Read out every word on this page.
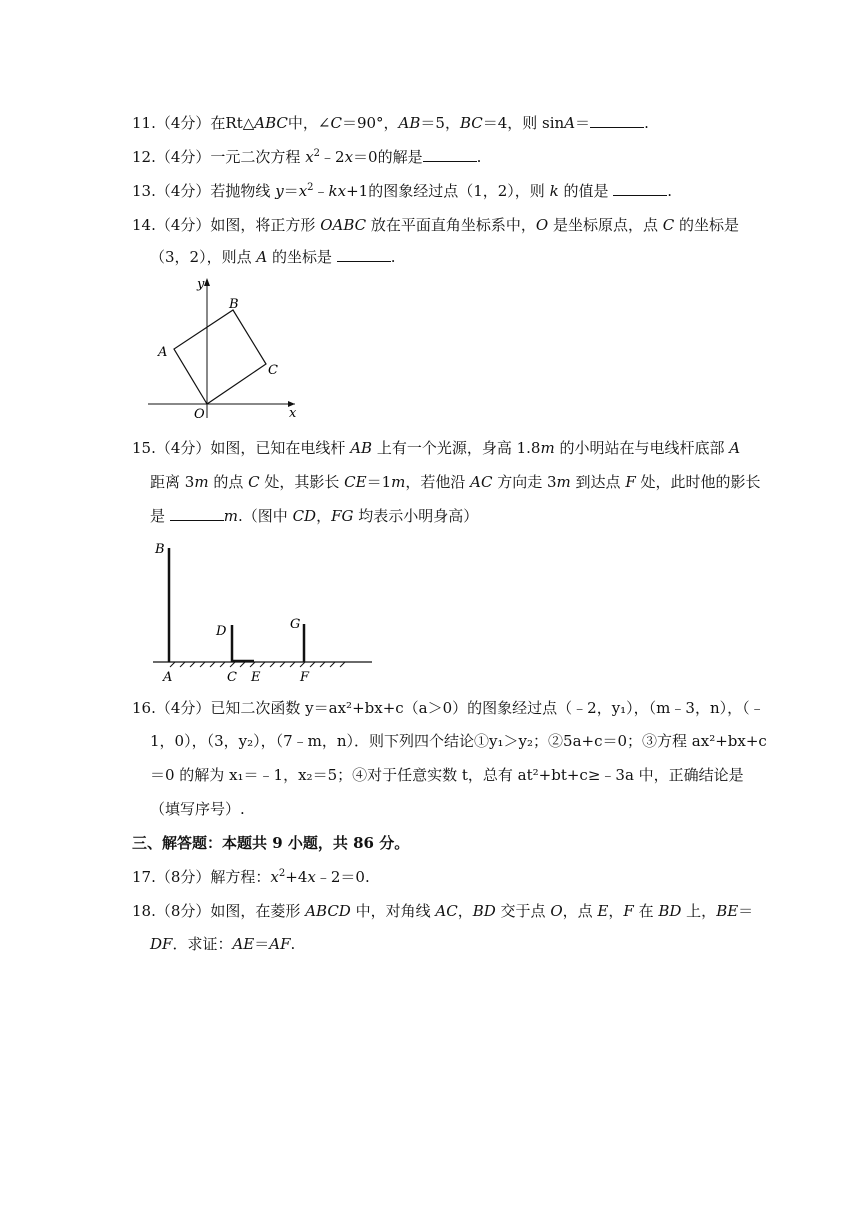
11.（4分）在Rt△ABC中，∠C＝90°，AB＝5，BC＝4，则 sinA＝	.
12.（4分）一元二次方程 $x^2﹣2x=0$的解是	.
13.（4分）若抛物线 $y=x^2﹣kx+1$的图象经过点（1，2），则 k 的值是	.
14.（4分）如图，将正方形 OABC 放在平面直角坐标系中，O 是坐标原点，点 C 的坐标是
（3，2），则点 A 的坐标是	.
y
x
O
A
B
C
15.（4分）如图，已知在电线杆 AB 上有一个光源，身高 1.8m 的小明站在与电线杆底部 A
距离 3m 的点 C 处，其影长 CE＝1m，若他沿 AC 方向走 3m 到达点 F 处，此时他的影长
是	m.（图中 CD，FG 均表示小明身高）
B
D	G
A	C E	F
16.（4分）已知二次函数 y＝ax²+bx+c（a＞0）的图象经过点（﹣2，y₁），（m﹣3，n），（﹣
1，0），（3，y₂），（7﹣m，n）．则下列四个结论①y₁＞y₂；②5a+c＝0；③方程 ax²+bx+c
＝0 的解为 x₁＝﹣1，x₂＝5；④对于任意实数 t，总有 at²+bt+c≥﹣3a 中，正确结论是
（填写序号）.
三、解答题：本题共 9 小题，共 86 分。
17.（8分）解方程：$x^2+4x﹣2=0$.
18.（8分）如图，在菱形 ABCD 中，对角线 AC，BD 交于点 O，点 E，F 在 BD 上，BE＝
DF．求证：AE＝AF.
